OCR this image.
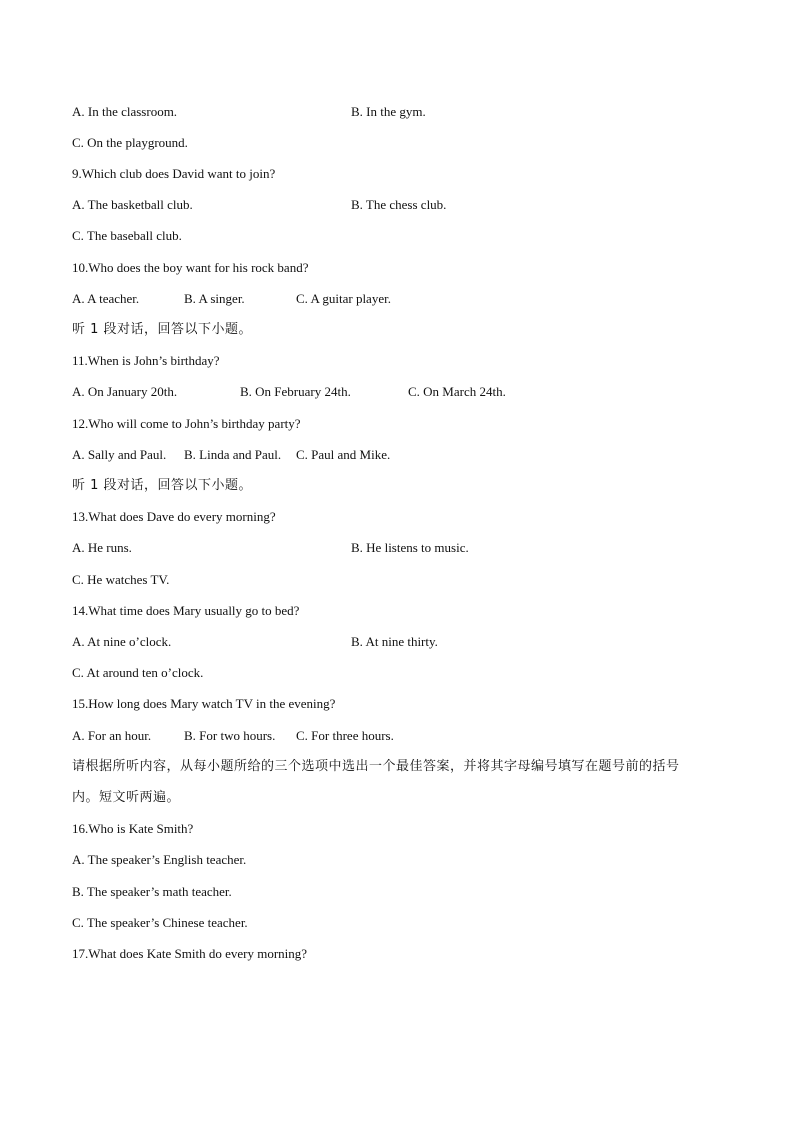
A. In the classroom.	B. In the gym.
C. On the playground.
9.Which club does David want to join?
A. The basketball club.	B. The chess club.
C. The baseball club.
10.Who does the boy want for his rock band?
A. A teacher.	B. A singer.	C. A guitar player.
听 1 段对话，回答以下小题。
11.When is John’s birthday?
A. On January 20th.	B. On February 24th.	C. On March 24th.
12.Who will come to John’s birthday party?
A. Sally and Paul. B. Linda and Paul. C. Paul and Mike.
听 1 段对话，回答以下小题。
13.What does Dave do every morning?
A. He runs.	B. He listens to music.
C. He watches TV.
14.What time does Mary usually go to bed?
A. At nine o’clock.	B. At nine thirty.
C. At around ten o’clock.
15.How long does Mary watch TV in the evening?
A. For an hour.	B. For two hours. C. For three hours.
请根据所听内容，从每小题所给的三个选项中选出一个最佳答案，并将其字母编号填写在题号前的括号
内。短文听两遍。
16.Who is Kate Smith?
A. The speaker’s English teacher.
B. The speaker’s math teacher.
C. The speaker’s Chinese teacher.
17.What does Kate Smith do every morning?
